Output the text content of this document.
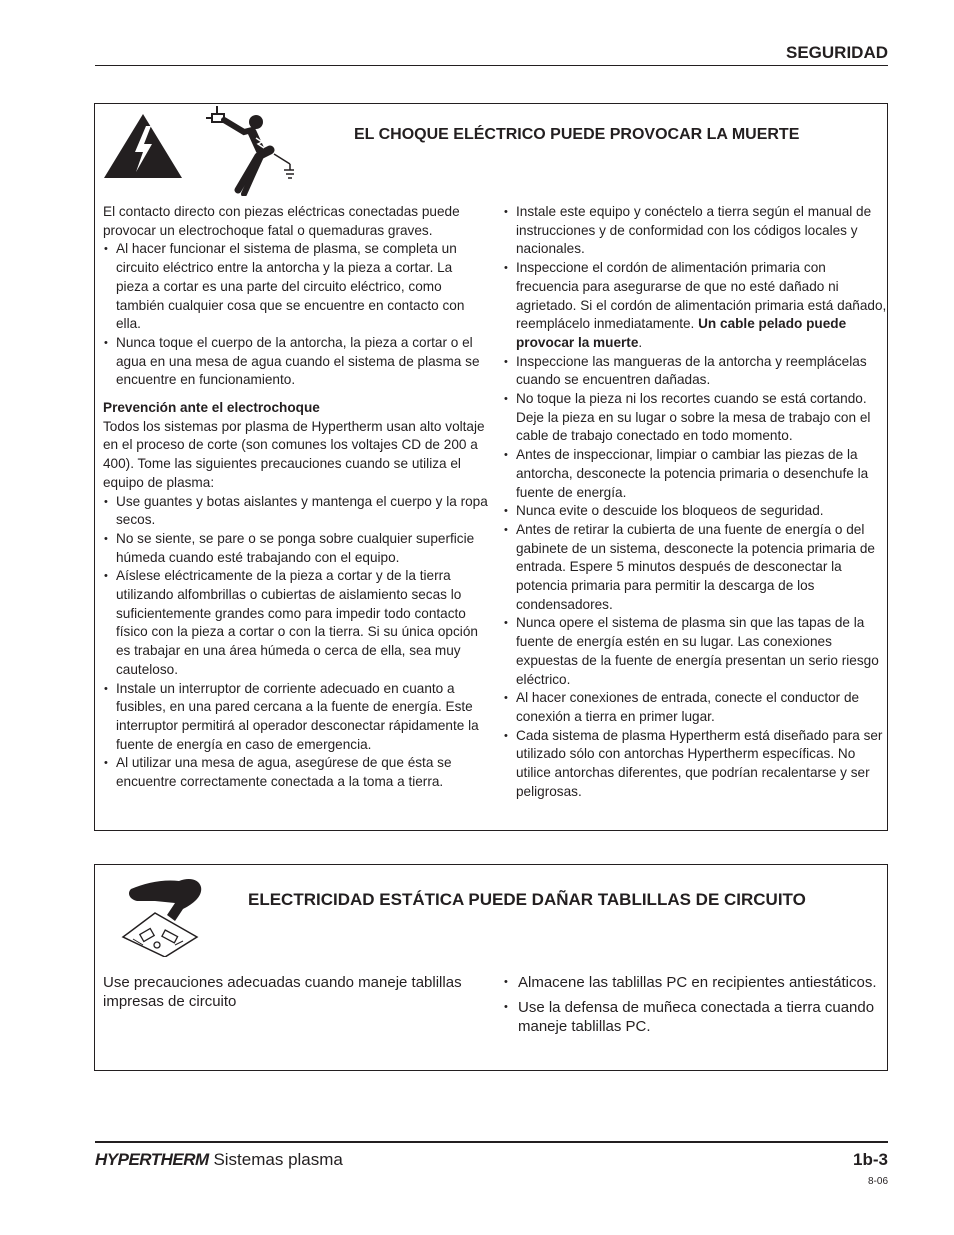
SEGURIDAD
EL CHOQUE ELÉCTRICO PUEDE PROVOCAR LA MUERTE

El contacto directo con piezas eléctricas conectadas puede provocar un electrochoque fatal o quemaduras graves.

• Al hacer funcionar el sistema de plasma, se completa un circuito eléctrico entre la antorcha y la pieza a cortar. La pieza a cortar es una parte del circuito eléctrico, como también cualquier cosa que se encuentre en contacto con ella.
• Nunca toque el cuerpo de la antorcha, la pieza a cortar o el agua en una mesa de agua cuando el sistema de plasma se encuentre en funcionamiento.

Prevención ante el electrochoque

Todos los sistemas por plasma de Hypertherm usan alto voltaje en el proceso de corte (son comunes los voltajes CD de 200 a 400). Tome las siguientes precauciones cuando se utiliza el equipo de plasma:

• Use guantes y botas aislantes y mantenga el cuerpo y la ropa secos.
• No se siente, se pare o se ponga sobre cualquier superficie húmeda cuando esté trabajando con el equipo.
• Aíslese eléctricamente de la pieza a cortar y de la tierra utilizando alfombrillas o cubiertas de aislamiento secas lo suficientemente grandes como para impedir todo contacto físico con la pieza a cortar o con la tierra. Si su única opción es trabajar en una área húmeda o cerca de ella, sea muy cauteloso.
• Instale un interruptor de corriente adecuado en cuanto a fusibles, en una pared cercana a la fuente de energía. Este interruptor permitirá al operador desconectar rápidamente la fuente de energía en caso de emergencia.
• Al utilizar una mesa de agua, asegúrese de que ésta se encuentre correctamente conectada a la toma a tierra.
• Instale este equipo y conéctelo a tierra según el manual de instrucciones y de conformidad con los códigos locales y nacionales.
• Inspeccione el cordón de alimentación primaria con frecuencia para asegurarse de que no esté dañado ni agrietado. Si el cordón de alimentación primaria está dañado, reemplácelo inmediatamente. Un cable pelado puede provocar la muerte.
• Inspeccione las mangueras de la antorcha y reemplácelas cuando se encuentren dañadas.
• No toque la pieza ni los recortes cuando se está cortando. Deje la pieza en su lugar o sobre la mesa de trabajo con el cable de trabajo conectado en todo momento.
• Antes de inspeccionar, limpiar o cambiar las piezas de la antorcha, desconecte la potencia primaria o desenchufe la fuente de energía.
• Nunca evite o descuide los bloqueos de seguridad.
• Antes de retirar la cubierta de una fuente de energía o del gabinete de un sistema, desconecte la potencia primaria de entrada. Espere 5 minutos después de desconectar la potencia primaria para permitir la descarga de los condensadores.
• Nunca opere el sistema de plasma sin que las tapas de la fuente de energía estén en su lugar. Las conexiones expuestas de la fuente de energía presentan un serio riesgo eléctrico.
• Al hacer conexiones de entrada, conecte el conductor de conexión a tierra en primer lugar.
• Cada sistema de plasma Hypertherm está diseñado para ser utilizado sólo con antorchas Hypertherm específicas. No utilice antorchas diferentes, que podrían recalentarse y ser peligrosas.
ELECTRICIDAD ESTÁTICA PUEDE DAÑAR TABLILLAS DE CIRCUITO

Use precauciones adecuadas cuando maneje tablillas impresas de circuito

• Almacene las tablillas PC en recipientes antiestáticos.
• Use la defensa de muñeca conectada a tierra cuando maneje tablillas PC.
HYPERTHERM Sistemas plasma	1b-3
8-06
